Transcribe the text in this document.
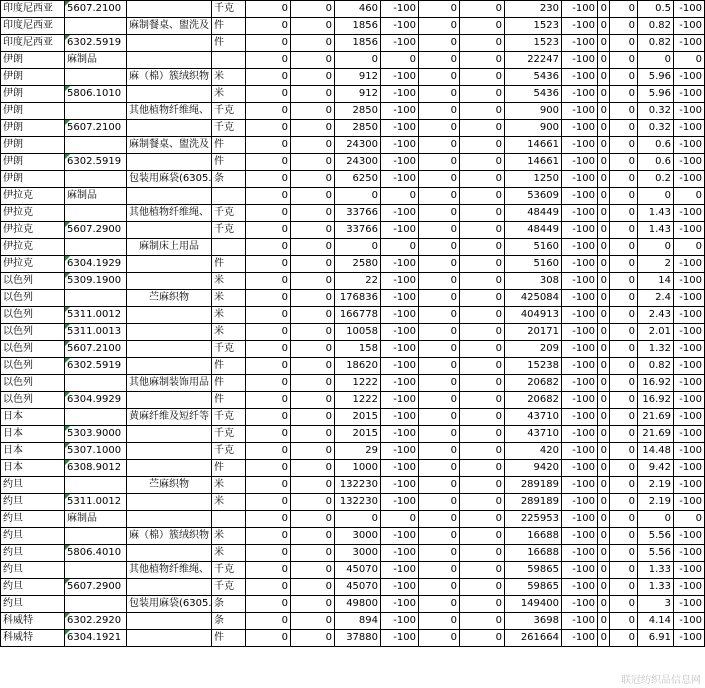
印度尼西亚	5607.2100		千克	0	0	460	-100	0	0	230	-100	0	0	0.5	-100
印度尼西亚		麻制餐桌、盥洗及	件	0	0	1856	-100	0	0	1523	-100	0	0	0.82	-100
印度尼西亚	6302.5919		件	0	0	1856	-100	0	0	1523	-100	0	0	0.82	-100
伊朗	麻制品			0	0	0	0	0	0	22247	-100	0	0	0	0
伊朗		麻（棉）簇绒织物	米	0	0	912	-100	0	0	5436	-100	0	0	5.96	-100
伊朗	5806.1010		米	0	0	912	-100	0	0	5436	-100	0	0	5.96	-100
伊朗		其他植物纤维绳、	千克	0	0	2850	-100	0	0	900	-100	0	0	0.32	-100
伊朗	5607.2100		千克	0	0	2850	-100	0	0	900	-100	0	0	0.32	-100
伊朗		麻制餐桌、盥洗及	件	0	0	24300	-100	0	0	14661	-100	0	0	0.6	-100
伊朗	6302.5919		件	0	0	24300	-100	0	0	14661	-100	0	0	0.6	-100
伊朗		包装用麻袋(6305.	条	0	0	6250	-100	0	0	1250	-100	0	0	0.2	-100
伊拉克	麻制品			0	0	0	0	0	0	53609	-100	0	0	0	0
伊拉克		其他植物纤维绳、	千克	0	0	33766	-100	0	0	48449	-100	0	0	1.43	-100
伊拉克	5607.2900		千克	0	0	33766	-100	0	0	48449	-100	0	0	1.43	-100
伊拉克		麻制床上用品		0	0	0	0	0	0	5160	-100	0	0	0	0
伊拉克	6304.1929		件	0	0	2580	-100	0	0	5160	-100	0	0	2	-100
以色列	5309.1900		米	0	0	22	-100	0	0	308	-100	0	0	14	-100
以色列		苎麻织物	米	0	0	176836	-100	0	0	425084	-100	0	0	2.4	-100
以色列	5311.0012		米	0	0	166778	-100	0	0	404913	-100	0	0	2.43	-100
以色列	5311.0013		米	0	0	10058	-100	0	0	20171	-100	0	0	2.01	-100
以色列	5607.2100		千克	0	0	158	-100	0	0	209	-100	0	0	1.32	-100
以色列	6302.5919		件	0	0	18620	-100	0	0	15238	-100	0	0	0.82	-100
以色列		其他麻制装饰用品	件	0	0	1222	-100	0	0	20682	-100	0	0	16.92	-100
以色列	6304.9929		件	0	0	1222	-100	0	0	20682	-100	0	0	16.92	-100
日本		黄麻纤维及短纤等	千克	0	0	2015	-100	0	0	43710	-100	0	0	21.69	-100
日本	5303.9000		千克	0	0	2015	-100	0	0	43710	-100	0	0	21.69	-100
日本	5307.1000		千克	0	0	29	-100	0	0	420	-100	0	0	14.48	-100
日本	6308.9012		件	0	0	1000	-100	0	0	9420	-100	0	0	9.42	-100
约旦		苎麻织物	米	0	0	132230	-100	0	0	289189	-100	0	0	2.19	-100
约旦	5311.0012		米	0	0	132230	-100	0	0	289189	-100	0	0	2.19	-100
约旦	麻制品			0	0	0	0	0	0	225953	-100	0	0	0	0
约旦		麻（棉）簇绒织物	米	0	0	3000	-100	0	0	16688	-100	0	0	5.56	-100
约旦	5806.4010		米	0	0	3000	-100	0	0	16688	-100	0	0	5.56	-100
约旦		其他植物纤维绳、	千克	0	0	45070	-100	0	0	59865	-100	0	0	1.33	-100
约旦	5607.2900		千克	0	0	45070	-100	0	0	59865	-100	0	0	1.33	-100
约旦		包装用麻袋(6305.	条	0	0	49800	-100	0	0	149400	-100	0	0	3	-100
科威特	6302.2920		条	0	0	894	-100	0	0	3698	-100	0	0	4.14	-100
科威特	6304.1921		件	0	0	37880	-100	0	0	261664	-100	0	0	6.91	-100
联冠纺织品信息网
